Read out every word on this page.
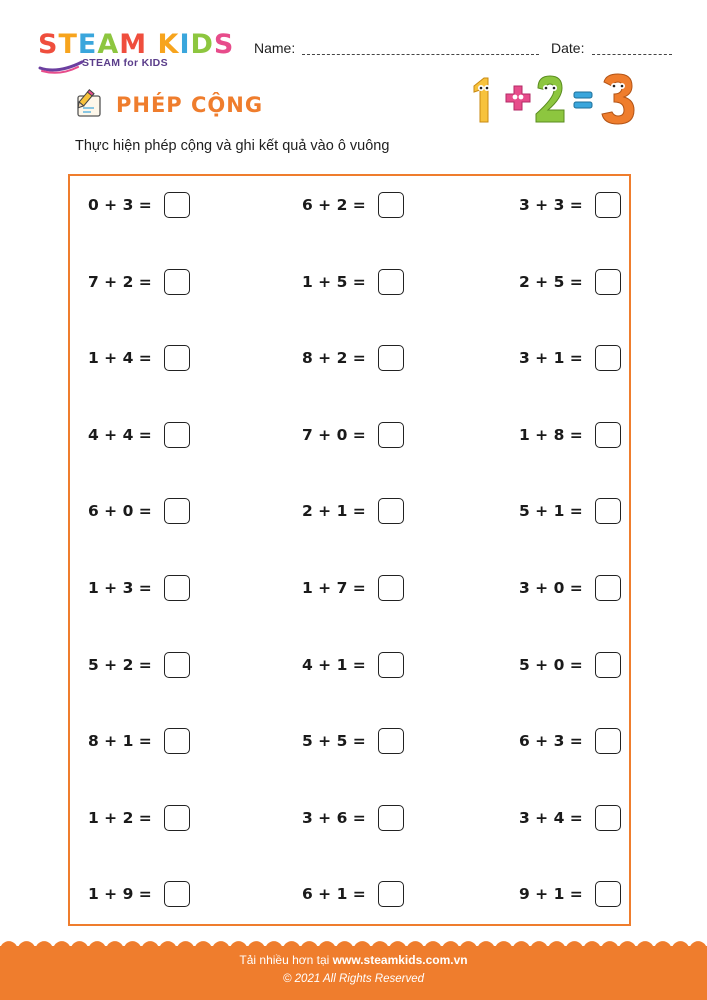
STEAM KIDS
STEAM for KIDS
Name:	Date:
PHÉP CỘNG
Thực hiện phép cộng và ghi kết quả vào ô vuông
0 + 3 =	6 + 2 =	3 + 3 =
7 + 2 =	1 + 5 =	2 + 5 =
1 + 4 =	8 + 2 =	3 + 1 =
4 + 4 =	7 + 0 =	1 + 8 =
6 + 0 =	2 + 1 =	5 + 1 =
1 + 3 =	1 + 7 =	3 + 0 =
5 + 2 =	4 + 1 =	5 + 0 =
8 + 1 =	5 + 5 =	6 + 3 =
1 + 2 =	3 + 6 =	3 + 4 =
1 + 9 =	6 + 1 =	9 + 1 =
Tải nhiều hơn tại www.steamkids.com.vn
© 2021 All Rights Reserved
